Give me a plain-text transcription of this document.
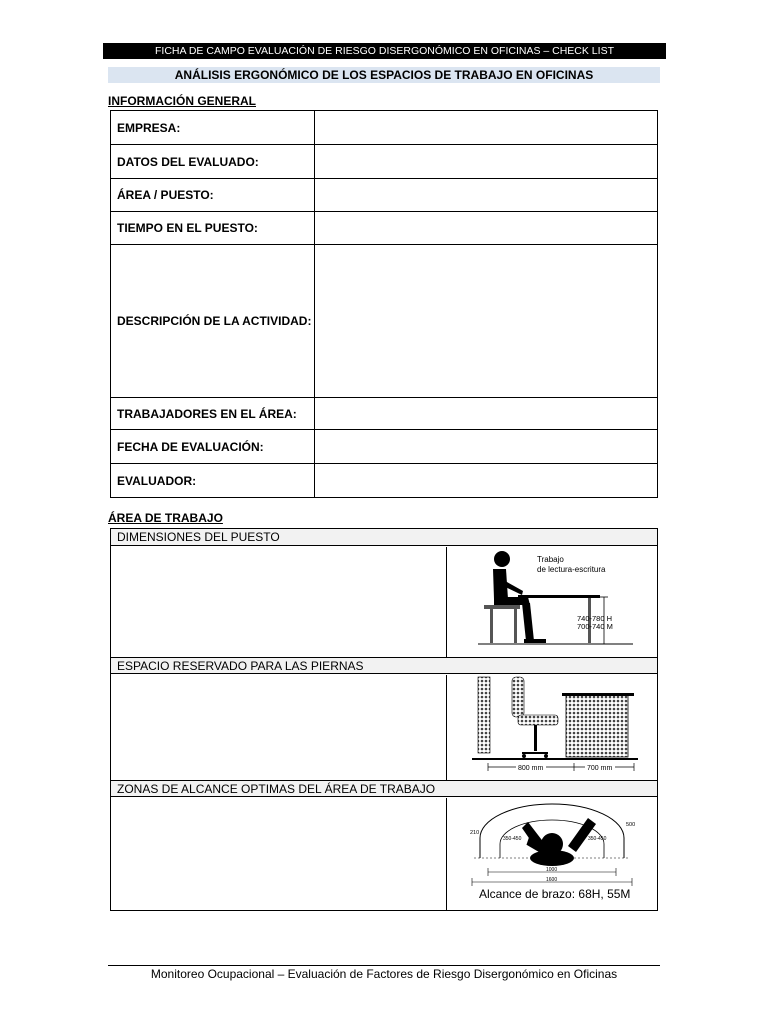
FICHA DE CAMPO EVALUACIÓN DE RIESGO DISERGONÓMICO EN OFICINAS – CHECK LIST
ANÁLISIS ERGONÓMICO DE LOS ESPACIOS DE TRABAJO EN OFICINAS
INFORMACIÓN GENERAL
EMPRESA:	
DATOS DEL EVALUADO:	
ÁREA / PUESTO:	
TIEMPO EN EL PUESTO:	
DESCRIPCIÓN DE LA ACTIVIDAD:	
TRABAJADORES EN EL ÁREA:	
FECHA DE EVALUACIÓN:	
EVALUADOR:	
ÁREA DE TRABAJO
DIMENSIONES DEL PUESTO
Trabajo
de lectura-escritura
740-780 H
700-740 M
ESPACIO RESERVADO PARA LAS PIERNAS
800 mm	700 mm
ZONAS DE ALCANCE OPTIMAS DEL ÁREA DE TRABAJO
210
500
350-450	350-450
1000
1600
Alcance de brazo: 68H, 55M
Monitoreo Ocupacional – Evaluación de Factores de Riesgo Disergonómico en Oficinas
